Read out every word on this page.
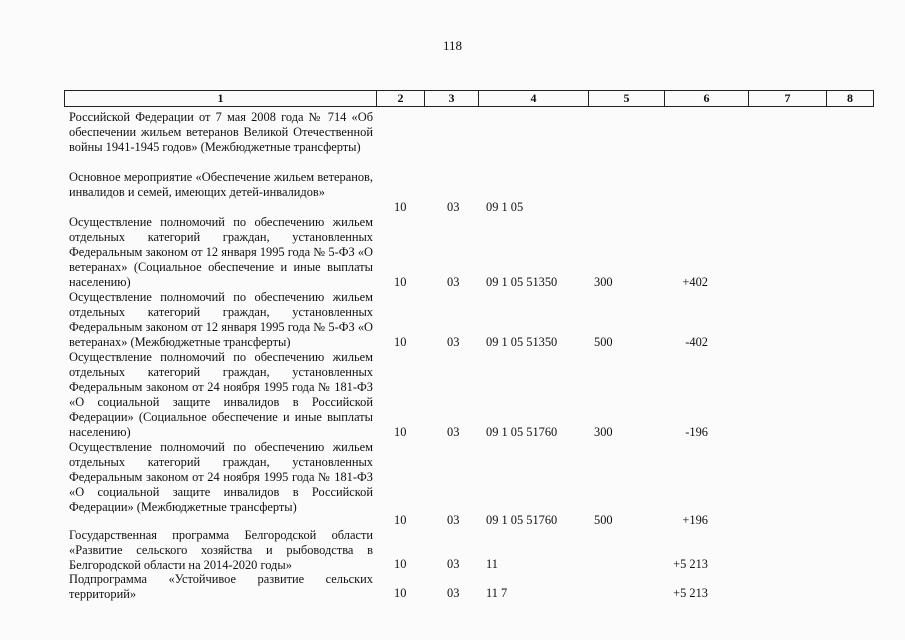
118
1	2	3	4	5	6	7	8
Российской Федерации от 7 мая 2008 года № 714 «Об обеспечении жильем ветеранов Великой Отечественной войны 1941-1945 годов» (Межбюджетные трансферты)
Основное мероприятие «Обеспечение жильем ветеранов, инвалидов и семей, имеющих детей-инвалидов»
10	03 09 1 05
Осуществление полномочий по обеспечению жильем отдельных категорий граждан, установленных Федеральным законом от 12 января 1995 года № 5-ФЗ «О ветеранах» (Социальное обеспечение и иные выплаты населению)	10	03 09 1 05 51350	300	+402
Осуществление полномочий по обеспечению жильем отдельных категорий граждан, установленных Федеральным законом от 12 января 1995 года № 5-ФЗ «О ветеранах» (Межбюджетные трансферты)	10	03 09 1 05 51350	500	-402
Осуществление полномочий по обеспечению жильем отдельных категорий граждан, установленных Федеральным законом от 24 ноября 1995 года № 181-ФЗ «О социальной защите инвалидов в Российской Федерации» (Социальное обеспечение и иные выплаты населению)	10	03 09 1 05 51760	300	-196
Осуществление полномочий по обеспечению жильем отдельных категорий граждан, установленных Федеральным законом от 24 ноября 1995 года № 181-ФЗ «О социальной защите инвалидов в Российской Федерации» (Межбюджетные трансферты)
10	03 09 1 05 51760	500	+196
Государственная программа Белгородской области «Развитие сельского хозяйства и рыбоводства в Белгородской области на 2014-2020 годы»	10	03 11	+5 213
Подпрограмма «Устойчивое развитие сельских территорий»	10	03 11 7	+5 213
